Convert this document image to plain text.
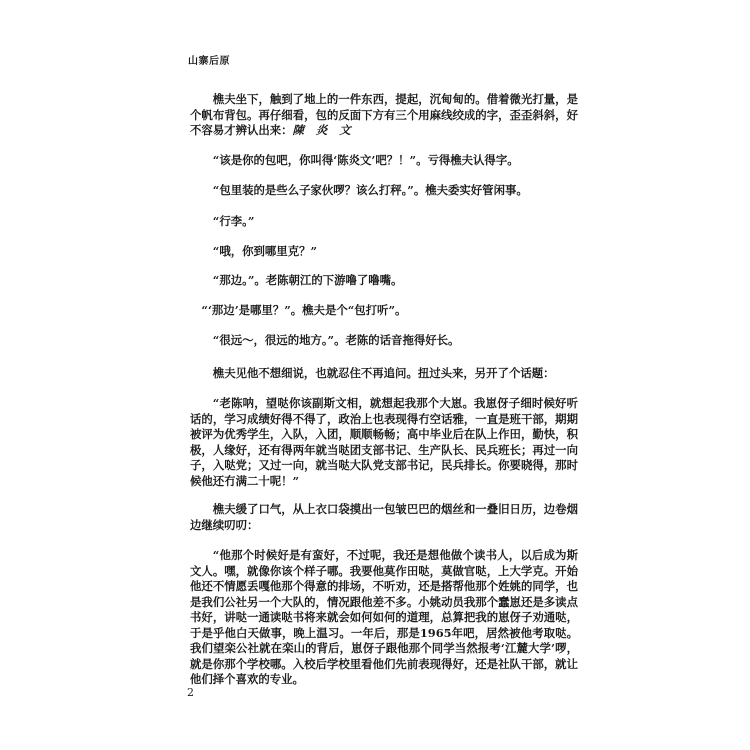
山寨后原

樵夫坐下，触到了地上的一件东西，提起，沉甸甸的。借着微光打量，是个帆布背包。再仔细看，包的反面下方有三个用麻线绞成的字，歪歪斜斜，好不容易才辨认出来：陳 炎 文

“该是你的包吧，你叫得‘陈炎文’吧？！”。亏得樵夫认得字。

“包里装的是些么子家伙啰？该么打秤。”。樵夫委实好管闲事。

“行李。”

“哦，你到哪里克？”

“那边。”。老陈朝江的下游噜了噜嘴。

“‘那边’是哪里？”。樵夫是个“包打听”。

“很远～，很远的地方。”。老陈的话音拖得好长。

樵夫见他不想细说，也就忍住不再追问。扭过头来，另开了个话题：

“老陈呐，望哒你该副斯文相，就想起我那个大崽。我崽伢子细时候好听话的，学习成绩好得不得了，政治上也表现得冇空话雅，一直是班干部，期期被评为优秀学生，入队，入团，顺顺畅畅；高中毕业后在队上作田，勤快，积极，人缘好，还有得两年就当哒团支部书记、生产队长、民兵班长；再过一向子，入哒党；又过一向，就当哒大队党支部书记，民兵排长。你要晓得，那时候他还冇满二十呢！”

樵夫缓了口气，从上衣口袋摸出一包皱巴巴的烟丝和一叠旧日历，边卷烟边继续叨叨：

“他那个时候好是有蛮好，不过呢，我还是想他做个读书人，以后成为斯文人。嘿，就像你该个样子哪。我要他莫作田哒，莫做官哒，上大学克。开始他还不情愿丢嘎他那个得意的排场，不听劝，还是搭帮他那个姓姚的同学，也是我们公社另一个大队的，情况跟他差不多。小姚动员我那个蠢崽还是多读点书好，讲哒一通读哒书将来就会如何如何的道理，总算把我的崽伢子劝通哒，于是乎他白天做事，晚上温习。一年后，那是1965年吧，居然被他考取哒。我们望栾公社就在栾山的背后，崽伢子跟他那个同学当然报考‘江麓大学’啰，就是你那个学校哪。入校后学校里看他们先前表现得好，还是社队干部，就让他们择个喜欢的专业。

2
